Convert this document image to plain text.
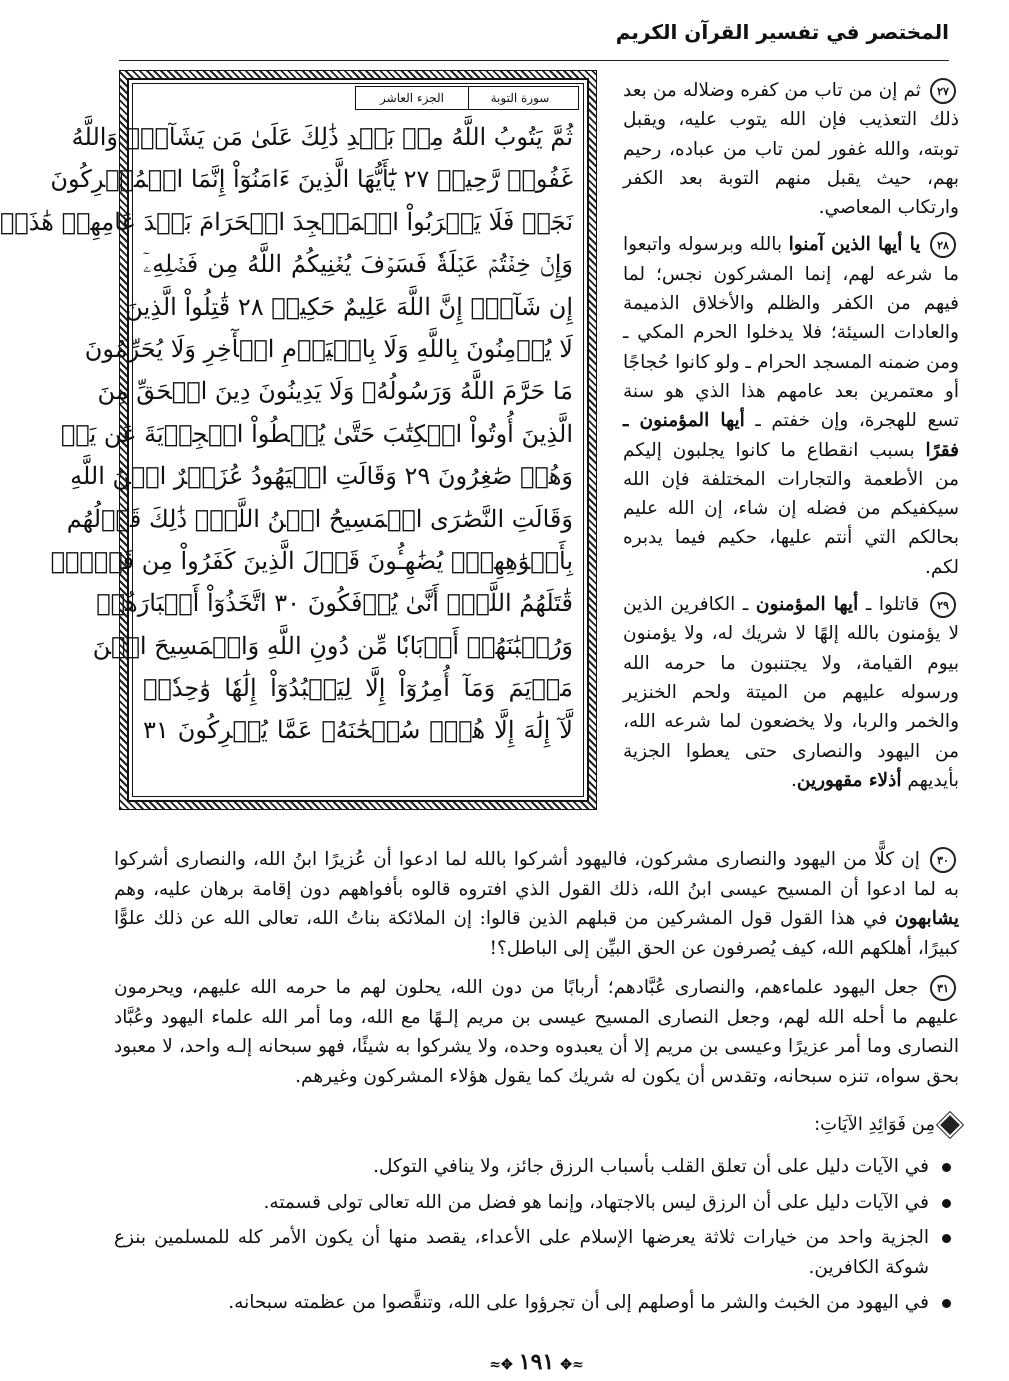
المختصر في تفسير القرآن الكريم
سورة التوبة
الجزء العاشر
ثُمَّ يَتُوبُ اللَّهُ مِنۢ بَعۡدِ ذَٰلِكَ عَلَىٰ مَن يَشَآءُۗ وَاللَّهُ
غَفُورٞ رَّحِيمٞ ٢٧ يَٰٓأَيُّهَا الَّذِينَ ءَامَنُوٓاْ إِنَّمَا الۡمُشۡرِكُونَ
نَجَسٞ فَلَا يَقۡرَبُواْ الۡمَسۡجِدَ الۡحَرَامَ بَعۡدَ عَامِهِمۡ هَٰذَاۚ
وَإِنۡ خِفۡتُمۡ عَيۡلَةٗ فَسَوۡفَ يُغۡنِيكُمُ اللَّهُ مِن فَضۡلِهِۦٓ
إِن شَآءَۚ إِنَّ اللَّهَ عَلِيمٌ حَكِيمٞ ٢٨ قَٰتِلُواْ الَّذِينَ
لَا يُؤۡمِنُونَ بِاللَّهِ وَلَا بِالۡيَوۡمِ الۡأٓخِرِ وَلَا يُحَرِّمُونَ
مَا حَرَّمَ اللَّهُ وَرَسُولُهُۥ وَلَا يَدِينُونَ دِينَ الۡحَقِّ مِنَ
الَّذِينَ أُوتُواْ الۡكِتَٰبَ حَتَّىٰ يُعۡطُواْ الۡجِزۡيَةَ عَن يَدٖ
وَهُمۡ صَٰغِرُونَ ٢٩ وَقَالَتِ الۡيَهُودُ عُزَيۡرٌ ابۡنُ اللَّهِ
وَقَالَتِ النَّصَٰرَى الۡمَسِيحُ ابۡنُ اللَّهِۖ ذَٰلِكَ قَوۡلُهُم
بِأَفۡوَٰهِهِمۡۖ يُضَٰهِـُٔونَ قَوۡلَ الَّذِينَ كَفَرُواْ مِن قَبۡلُۚ
قَٰتَلَهُمُ اللَّهُۖ أَنَّىٰ يُؤۡفَكُونَ ٣٠ اتَّخَذُوٓاْ أَحۡبَارَهُمۡ
وَرُهۡبَٰنَهُمۡ أَرۡبَابٗا مِّن دُونِ اللَّهِ وَالۡمَسِيحَ ابۡنَ
مَرۡيَمَ وَمَآ أُمِرُوٓاْ إِلَّا لِيَعۡبُدُوٓاْ إِلَٰهٗا وَٰحِدٗاۖ
لَّآ إِلَٰهَ إِلَّا هُوَۚ سُبۡحَٰنَهُۥ عَمَّا يُشۡرِكُونَ ٣١

٢٧ ثم إن من تاب من كفره وضلاله من بعد ذلك التعذيب فإن الله يتوب عليه، ويقبل توبته، والله غفور لمن تاب من عباده، رحيم بهم، حيث يقبل منهم التوبة بعد الكفر وارتكاب المعاصي.

٢٨ يا أيها الذين آمنوا بالله وبرسوله واتبعوا ما شرعه لهم، إنما المشركون نجس؛ لما فيهم من الكفر والظلم والأخلاق الذميمة والعادات السيئة؛ فلا يدخلوا الحرم المكي ـ ومن ضمنه المسجد الحرام ـ ولو كانوا حُجاجًا أو معتمرين بعد عامهم هذا الذي هو سنة تسع للهجرة، وإن خفتم ـ أيها المؤمنون ـ فقرًا بسبب انقطاع ما كانوا يجلبون إليكم من الأطعمة والتجارات المختلفة فإن الله سيكفيكم من فضله إن شاء، إن الله عليم بحالكم التي أنتم عليها، حكيم فيما يدبره لكم.

٢٩ قاتلوا ـ أيها المؤمنون ـ الكافرين الذين لا يؤمنون بالله إلهًا لا شريك له، ولا يؤمنون بيوم القيامة، ولا يجتنبون ما حرمه الله ورسوله عليهم من الميتة ولحم الخنزير والخمر والربا، ولا يخضعون لما شرعه الله، من اليهود والنصارى حتى يعطوا الجزية بأيديهم أذلاء مقهورين.

٣٠ إن كلًّا من اليهود والنصارى مشركون، فاليهود أشركوا بالله لما ادعوا أن عُزيرًا ابنُ الله، والنصارى أشركوا به لما ادعوا أن المسيح عيسى ابنُ الله، ذلك القول الذي افتروه قالوه بأفواههم دون إقامة برهان عليه، وهم يشابهون في هذا القول قول المشركين من قبلهم الذين قالوا: إن الملائكة بناتُ الله، تعالى الله عن ذلك علوًّا كبيرًا، أهلكهم الله، كيف يُصرفون عن الحق البيِّن إلى الباطل؟!

٣١ جعل اليهود علماءهم، والنصارى عُبَّادهم؛ أربابًا من دون الله، يحلون لهم ما حرمه الله عليهم، ويحرمون عليهم ما أحله الله لهم، وجعل النصارى المسيح عيسى بن مريم إلـهًا مع الله، وما أمر الله علماء اليهود وعُبَّاد النصارى وما أمر عزيرًا وعيسى بن مريم إلا أن يعبدوه وحده، ولا يشركوا به شيئًا، فهو سبحانه إلـه واحد، لا معبود بحق سواه، تنزه سبحانه، وتقدس أن يكون له شريك كما يقول هؤلاء المشركون وغيرهم.

مِن فَوَائِدِ الآيَاتِ:
في الآيات دليل على أن تعلق القلب بأسباب الرزق جائز، ولا ينافي التوكل.
في الآيات دليل على أن الرزق ليس بالاجتهاد، وإنما هو فضل من الله تعالى تولى قسمته.
الجزية واحد من خيارات ثلاثة يعرضها الإسلام على الأعداء، يقصد منها أن يكون الأمر كله للمسلمين بنزع شوكة الكافرين.
في اليهود من الخبث والشر ما أوصلهم إلى أن تجرؤوا على الله، وتنقَّصوا من عظمته سبحانه.
≈✥١٩١✥≈
